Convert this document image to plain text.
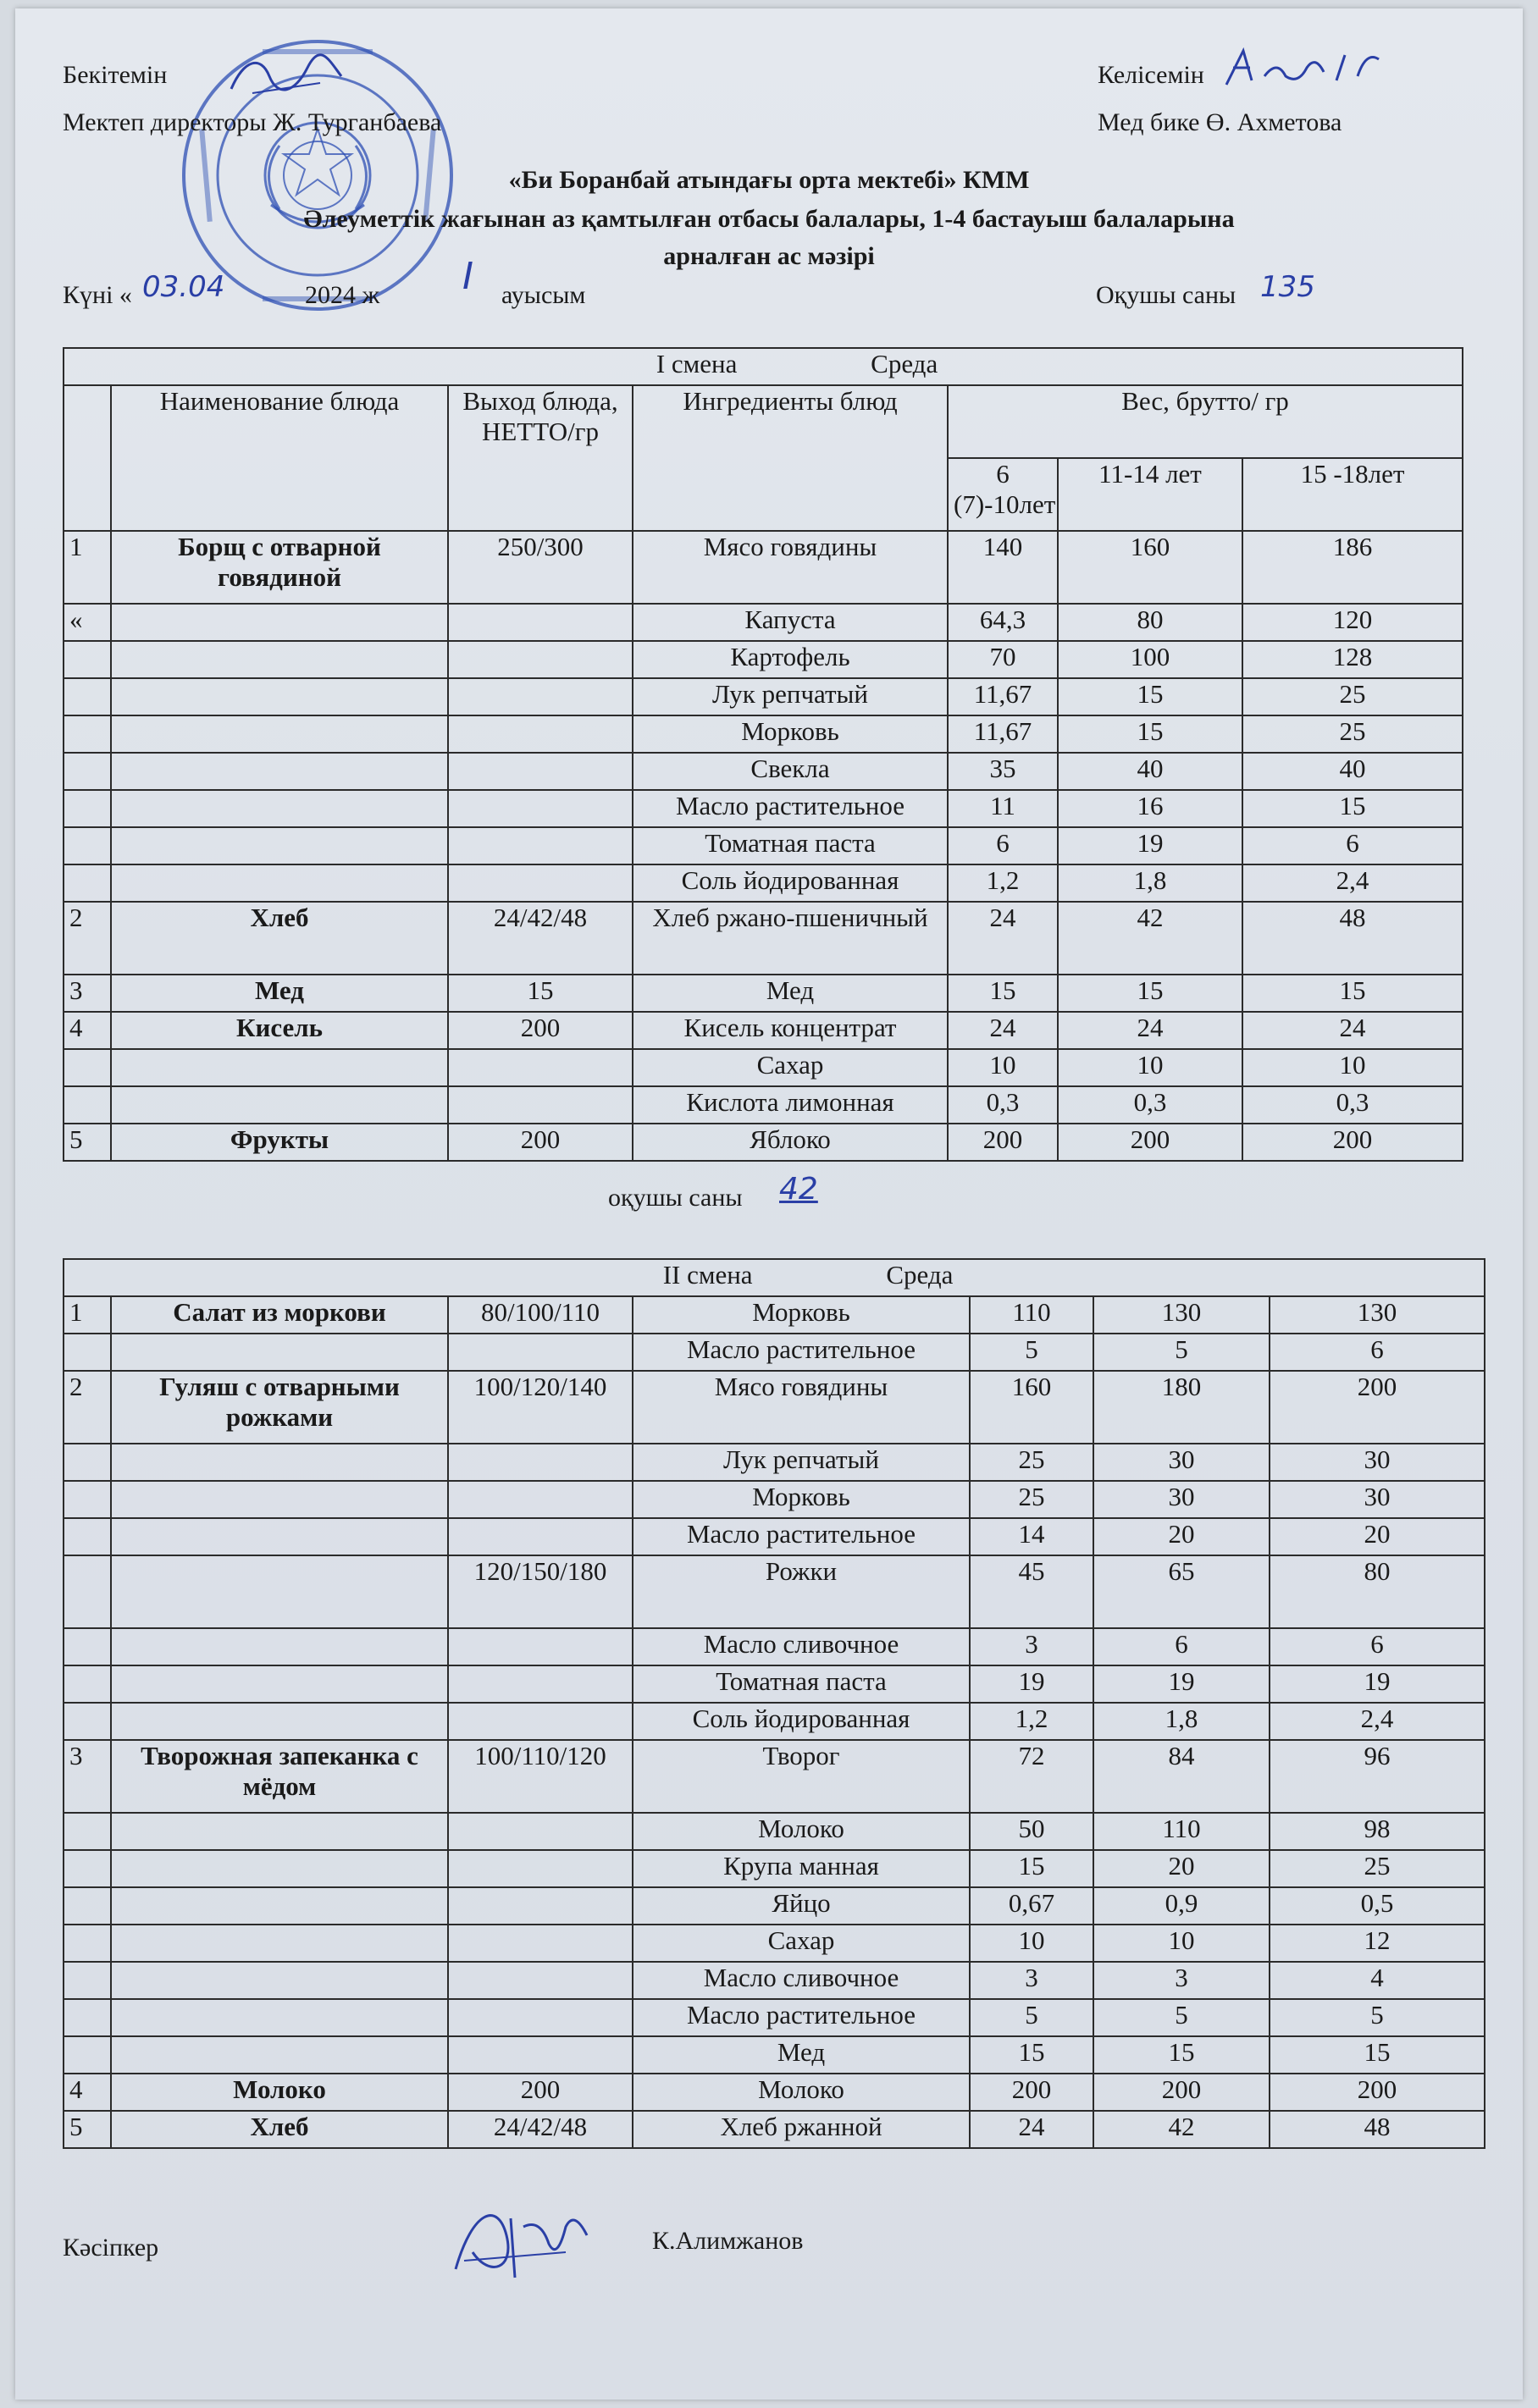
Бекітемін
Мектеп директоры Ж. Турганбаева
Келісемін
Мед бике Ө. Ахметова
«Би Боранбай атындағы орта мектебі» КММ
Әлеуметтік жағынан аз қамтылған отбасы балалары, 1-4 бастауыш балаларына
арналған ас мәзірі
Күні « 03.04	2024 ж I ауысым	Оқушы саны 135
I смена Среда						
	Наименование блюда	Выход блюда, НЕТТО/гр	Ингредиенты блюд	Вес, брутто/ гр		
				6 (7)-10лет	11-14 лет	15 -18лет
1	Борщ с отварной говядиной	250/300	Мясо говядины	140	160	186
«			Капуста	64,3	80	120
			Картофель	70	100	128
			Лук репчатый	11,67	15	25
			Морковь	11,67	15	25
			Свекла	35	40	40
			Масло растительное	11	16	15
			Томатная паста	6	19	6
			Соль йодированная	1,2	1,8	2,4
2	Хлеб	24/42/48	Хлеб ржано-пшеничный	24	42	48
3	Мед	15	Мед	15	15	15
4	Кисель	200	Кисель концентрат	24	24	24
			Сахар	10	10	10
			Кислота лимонная	0,3	0,3	0,3
5	Фрукты	200	Яблоко	200	200	200
оқушы саны 42
II смена Среда						
1	Салат из моркови	80/100/110	Морковь	110	130	130
			Масло растительное	5	5	6
2	Гуляш с отварными рожками	100/120/140	Мясо говядины	160	180	200
			Лук репчатый	25	30	30
			Морковь	25	30	30
			Масло растительное	14	20	20
		120/150/180	Рожки	45	65	80
			Масло сливочное	3	6	6
			Томатная паста	19	19	19
			Соль йодированная	1,2	1,8	2,4
3	Творожная запеканка с мёдом	100/110/120	Творог	72	84	96
			Молоко	50	110	98
			Крупа манная	15	20	25
			Яйцо	0,67	0,9	0,5
			Сахар	10	10	12
			Масло сливочное	3	3	4
			Масло растительное	5	5	5
			Мед	15	15	15
4	Молоко	200	Молоко	200	200	200
5	Хлеб	24/42/48	Хлеб ржанной	24	42	48
Кәсіпкер	К.Алимжанов
